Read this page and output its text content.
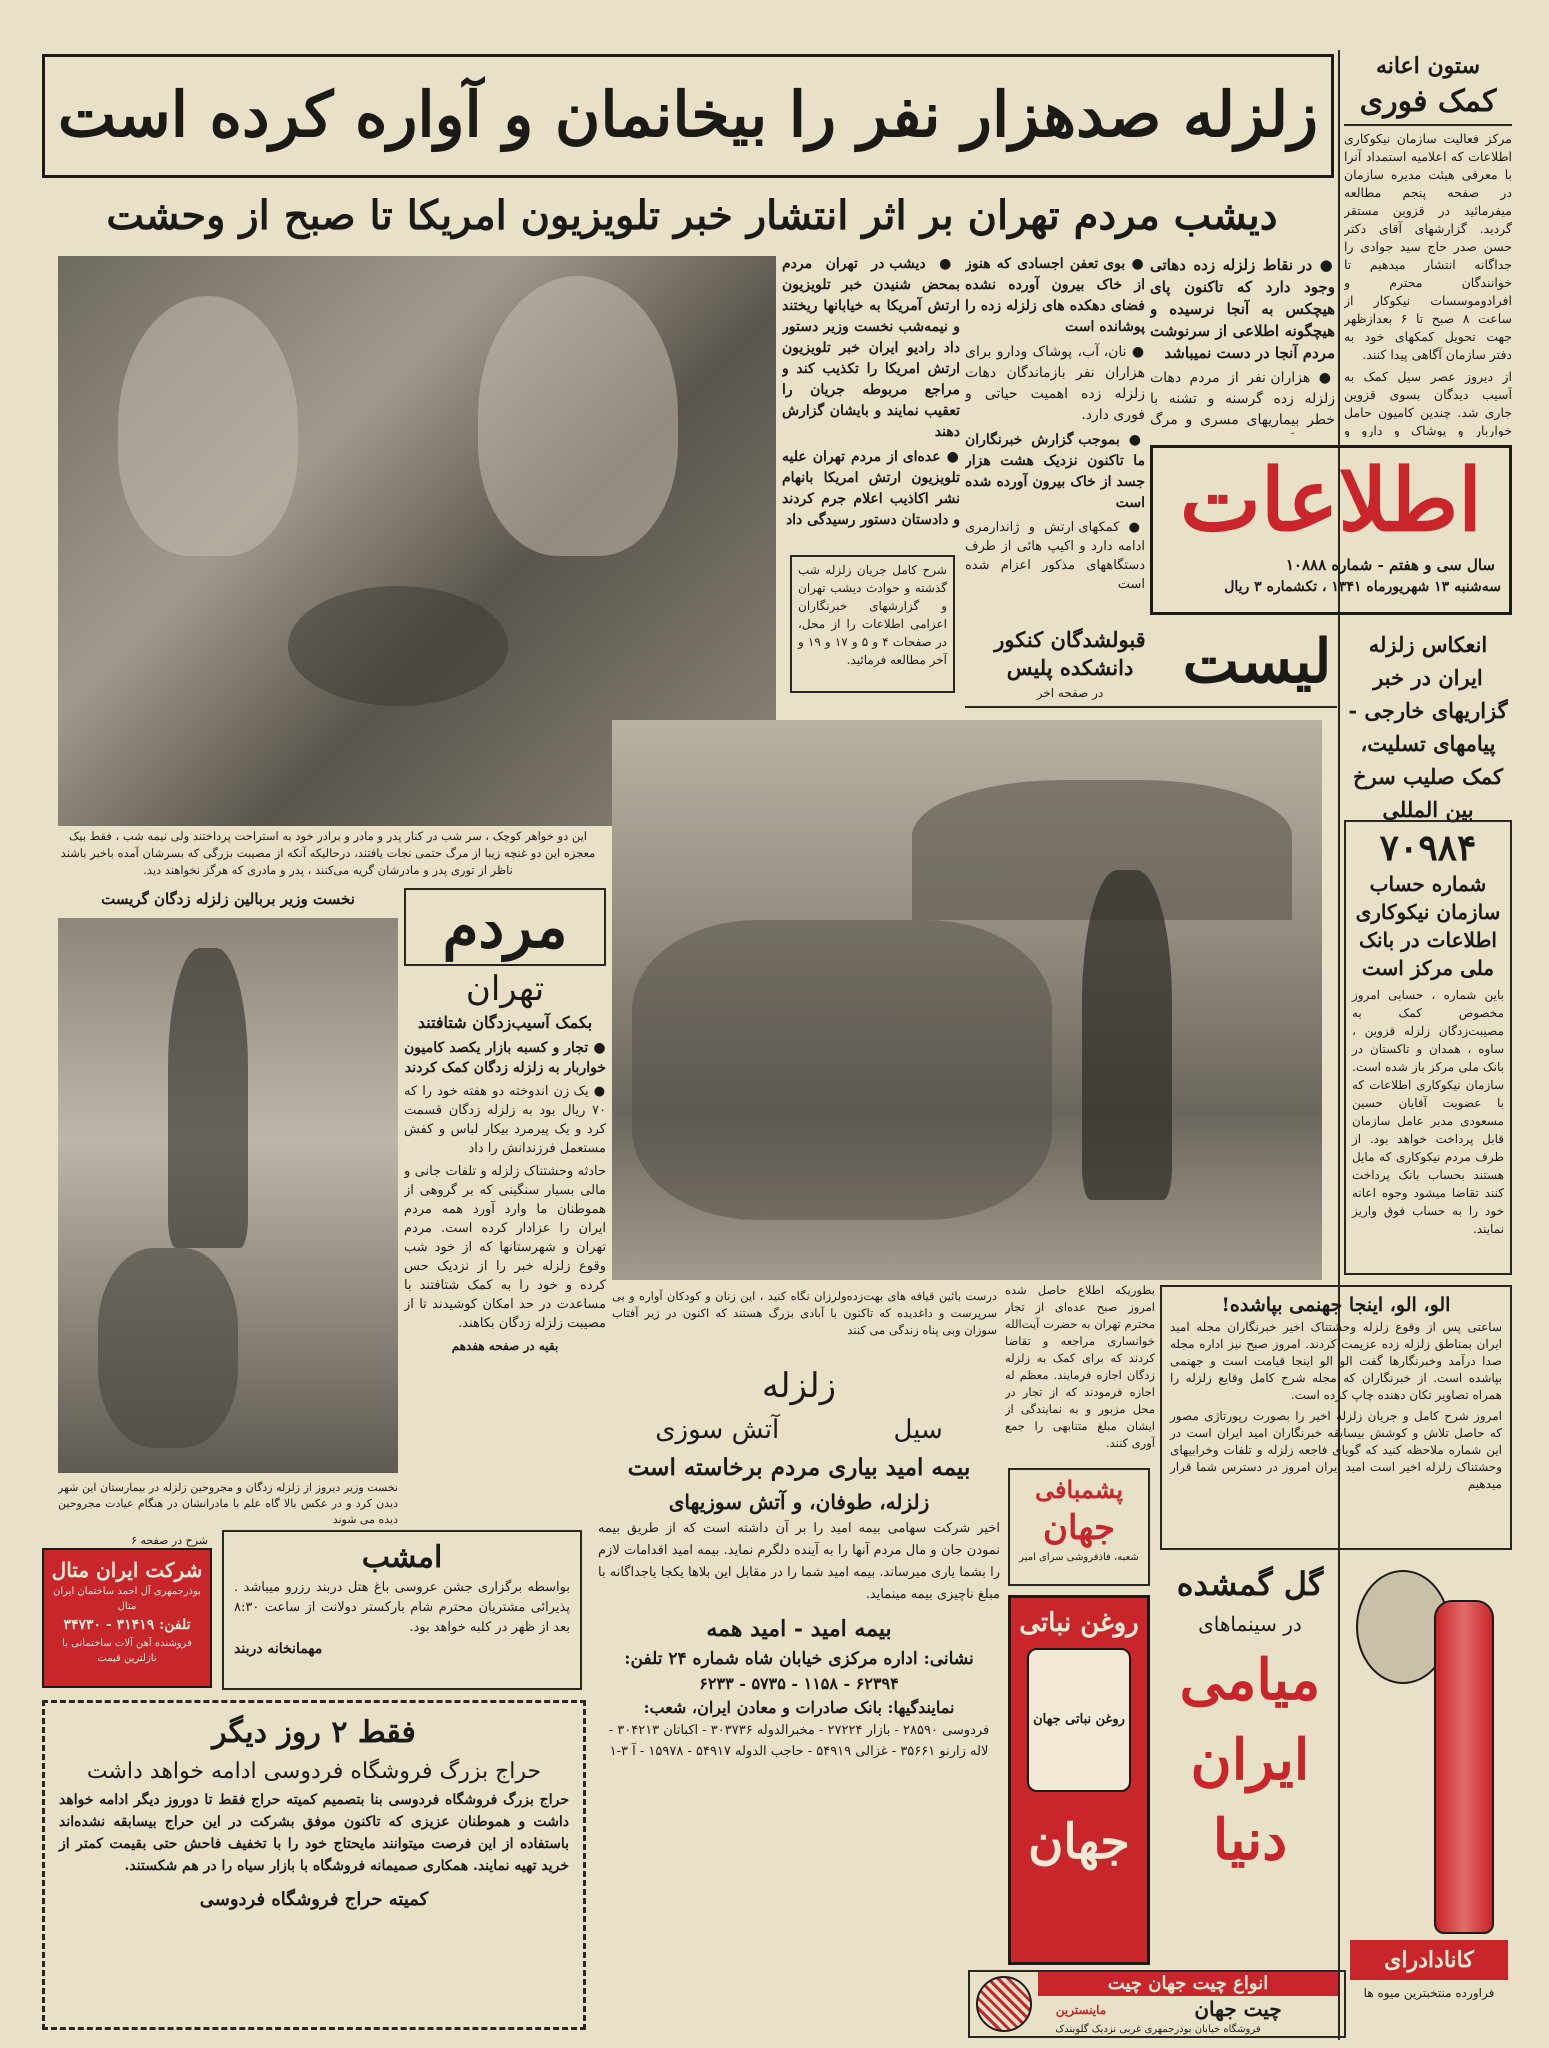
زلزله صدهزار نفر را بیخانمان و آواره کرده است
دیشب مردم تهران بر اثر انتشار خبر تلویزیون امریکا تا صبح از وحشت
ستون اعانه
کمک فوری
مرکز فعالیت سازمان نیکوکاری اطلاعات که اعلامیه استمداد آنرا با معرفی هیئت مدیره سازمان در صفحه پنجم مطالعه میفرمائید در قزوین مستقر گردید. گزارشهای آقای دکتر حسن صدر حاج سید جوادی را جداگانه انتشار میدهیم تا خوانندگان محترم و افرادوموسسات نیکوکار از ساعت ۸ صبح تا ۶ بعدازظهر جهت تحویل کمکهای خود به دفتر سازمان آگاهی پیدا کنند.
از دیروز عصر سیل کمک به آسیب دیدگان بسوی قزوین جاری شد. چندین کامیون حامل خواربار و پوشاک و دارو و
اطلاعات
سال سی و هفتم - شماره ۱۰۸۸۸
سه‌شنبه ۱۳ شهریورماه ۱۳۴۱ ، تکشماره ۳ ریال
لیست
قبولشدگان کنکور
دانشکده پلیس
در صفحه اخر
انعکاس زلزله ایران در خبر گزاریهای خارجی - پیامهای تسلیت، کمک صلیب سرخ بین المللی
۷۰۹۸۴
شماره حساب سازمان نیکوکاری اطلاعات در بانک ملی مرکز است
باین شماره ، حسابی امروز مخصوص کمک به مصیبت‌زدگان زلزله قزوین ، ساوه ، همدان و تاکستان در بانک ملی مرکز باز شده است. سازمان نیکوکاری اطلاعات که با عضویت آقایان حسین مسعودی مدیر عامل سازمان قابل پرداخت خواهد بود. از طرف مردم نیکوکاری که مایل هستند بحساب بانک پرداخت کنند تقاضا میشود وجوه اعانه خود را به حساب فوق واریز نمایند.

● در نقاط زلزله زده دهاتی وجود دارد که تاکنون پای هیچکس به آنجا نرسیده و هیچگونه اطلاعی از سرنوشت مردم آنجا در دست نمیباشد

● هزاران نفر از مردم دهات زلزله زده گرسنه و تشنه با خطر بیماریهای مسری و مرگ

● بوی تعفن اجسادی که هنوز از خاک بیرون آورده نشده فضای دهکده های زلزله زده را پوشانده است

● نان، آب، پوشاک ودارو برای هزاران نفر بازماندگان دهات زلزله زده اهمیت حیاتی و فوری دارد.

● بموجب گزارش خبرنگاران ما تاکنون نزدیک هشت هزار جسد از خاک بیرون آورده شده است

● کمکهای ارتش و ژاندارمری ادامه دارد و اکیپ هائی از طرف دستگاههای مذکور اعزام شده است

● دیشب در تهران مردم بمحض شنیدن خبر تلویزیون ارتش آمریکا به خیابانها ریختند و نیمه‌شب نخست وزیر دستور داد رادیو ایران خبر تلویزیون ارتش امریکا را تکذیب کند و مراجع مربوطه جریان را تعقیب نمایند و بایشان گزارش دهند

● عده‌ای از مردم تهران علیه تلویزیون ارتش امریکا بانهام نشر اکاذیب اعلام جرم کردند و دادستان دستور رسیدگی داد

شرح کامل جریان زلزله شب گذشته و حوادث دیشب تهران و گزارشهای خبرنگاران اعزامی اطلاعات را از محل، در صفحات ۴ و ۵ و ۱۷ و ۱۹ و آخر مطالعه فرمائید.
این دو خواهر کوچک ، سر شب در کنار پدر و مادر و برادر خود به استراحت پرداختند ولی نیمه شب ، فقط بیک معجزه این دو غنچه زیبا از مرگ حتمی نجات یافتند، درحالیکه آنکه از مصیبت بزرگی که بسرشان آمده باخبر باشند ناظر از توری پدر و مادرشان گریه می‌کنند ، پدر و مادری که هرگز نخواهند دید.
درست بائین قیافه های بهت‌زده‌ولرزان نگاه کنید ، این زنان و کودکان آواره و بی سرپرست و داغدیده که تاکنون با آبادی بزرگ هستند که اکنون در زیر آفتاب سوزان وبی پناه زندگی می کنند
نخست وزیر بربالین زلزله زدگان گریست
نخست وزیر دیروز از زلزله زدگان و مجروحین زلزله در بیمارستان این شهر دیدن کرد و در عکس بالا گاه علم با مادرانشان در هنگام عیادت مجروحین دیده می شوند
شرح در صفحه ۶
مردم
تهران
بکمک آسیب‌زدگان شتافتند

● تجار و کسبه بازار یکصد کامیون خواربار به زلزله زدگان کمک کردند

● یک زن اندوخته دو هفته خود را که ۷۰ ریال بود به زلزله زدگان قسمت کرد و یک پیرمرد بیکار لباس و کفش مستعمل فرزندانش را داد

حادثه وحشتناک زلزله و تلفات جانی و مالی بسیار سنگینی که بر گروهی از هموطنان ما وارد آورد همه مردم ایران را عزادار کرده است. مردم تهران و شهرستانها که از خود شب وقوع زلزله خبر را از نزدیک حس کرده و خود را به کمک شتافتند با مساعدت در حد امکان کوشیدند تا از مصیبت زلزله زدگان بکاهند.

بقیه در صفحه هفدهم

بطوریکه اطلاع حاصل شده امروز صبح عده‌ای از تجار محترم تهران به حضرت آیت‌الله خوانساری مراجعه و تقاضا کردند که برای کمک به زلزله زدگان اجازه فرمایند. معظم له اجازه فرمودند که از تجار در محل مزبور و به نمایندگی از ایشان مبلغ متنابهی را جمع آوری کنند.
الو، الو، اینجا جهنمی بپاشده!
ساعتی پس از وقوع زلزله وحشتناک اخیر خبرنگاران مجله امید ایران بمناطق زلزله زده عزیمت کردند. امروز صبح نیز اداره مجله صدا درآمد وخبرنگارها گفت الو الو اینجا قیامت است و جهنمی بپاشده است. از خبرنگاران که مجله شرح کامل وقایع زلزله را همراه تصاویر تکان دهنده چاپ کرده است.
امروز شرح کامل و جریان زلزله اخیر را بصورت رپورتاژی مصور که حاصل تلاش و کوشش بیسابقه خبرنگاران امید ایران است در این شماره ملاحظه کنید که گویای فاجعه زلزله و تلفات وخرابیهای وحشتناک زلزله اخیر است امید ایران امروز در دسترس شما قرار میدهیم
شرکت ایران متال
بوذرجمهری آل احمد ساختمان ایران متال
تلفن: ۳۱۴۱۹ - ۳۴۷۳۰
فروشنده آهن آلات ساختمانی با نازلترین قیمت
امشب
بواسطه برگزاری جشن عروسی باغ هتل دربند رزرو میباشد . پذیرائی مشتریان محترم شام بارکستر دولانت از ساعت ۸:۳۰ بعد از ظهر در کلبه خواهد بود.
مهمانخانه دربند
فقط ۲ روز دیگر
حراج بزرگ فروشگاه فردوسی ادامه خواهد داشت
حراج بزرگ فروشگاه فردوسی بنا بتصمیم کمیته حراج فقط تا دوروز دیگر ادامه خواهد داشت و هموطنان عزیزی که تاکنون موفق بشرکت در این حراج بیسابقه نشده‌اند باستفاده از این فرصت میتوانند مایحتاج خود را با تخفیف فاحش حتی بقیمت کمتر از خرید تهیه نمایند. همکاری صمیمانه فروشگاه با بازار سیاه را در هم شکستند.
کمیته حراج فروشگاه فردوسی
زلزله
سیل
آتش سوزی
بیمه امید بیاری مردم برخاسته است
زلزله، طوفان، و آتش سوزیهای
اخیر شرکت سهامی بیمه امید را بر آن داشته است که از طریق بیمه نمودن جان و مال مردم آنها را به آینده دلگرم نماید. بیمه امید اقدامات لازم را بشما یاری میرساند. بیمه امید شما را در مقابل این بلاها یکجا یاجداگانه با مبلغ ناچیزی بیمه مینماید.
بیمه امید - امید همه
نشانی: اداره مرکزی خیابان شاه شماره ۲۴ تلفن:
۶۲۳۹۴ - ۱۱۵۸ - ۵۷۳۵ - ۶۲۳۳
نمایندگیها: بانک صادرات و معادن ایران، شعب:
فردوسی ۲۸۵۹۰ - بازار ۲۷۲۲۴ - مخبرالدوله ۳۰۳۷۳۶ - اکباتان ۳۰۴۲۱۳ - لاله زارنو ۳۵۶۶۱ - غزالی ۵۴۹۱۹ - حاجب الدوله ۵۴۹۱۷ - ۱۵۹۷۸ - آ ۳-۱
پشمبافی
جهان
شعبه، فاذفروشی سرای امیر
روغن نباتی
روغن نباتی جهان
جهان
انواع چیت جهان چیت
چیت جهان
ماینسترین
فروشگاه خیابان بوذرجمهری غربی نزدیک گلوبندک
گل گمشده
در سینماهای
میامی
ایران
دنیا
کانادادرای
فراورده منتخبترین میوه ها
